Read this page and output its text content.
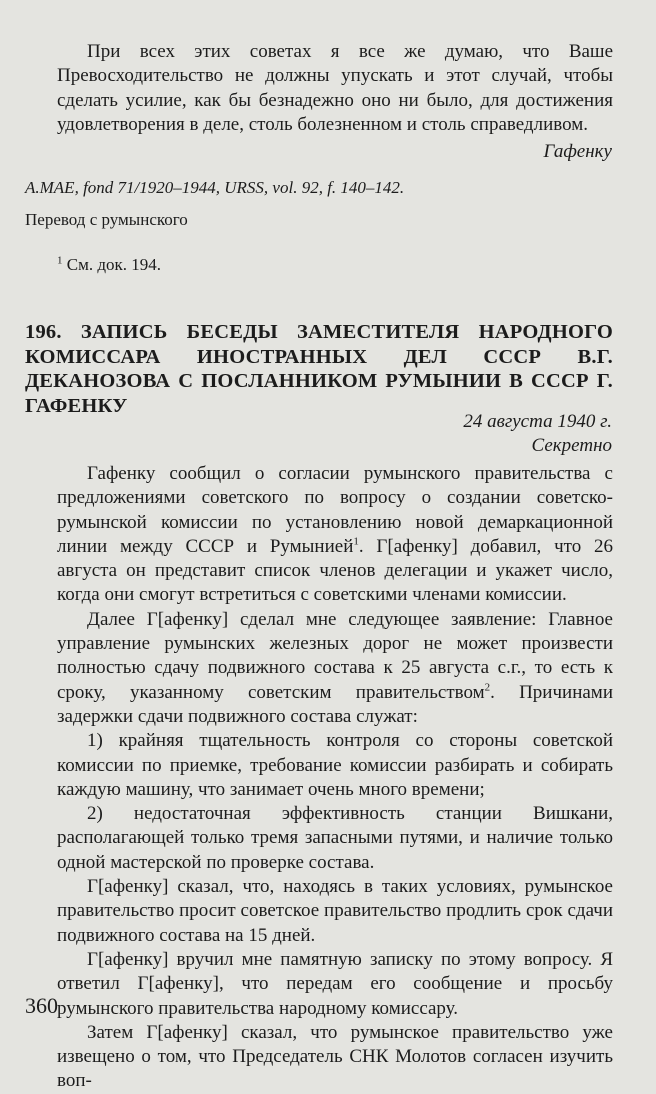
При всех этих советах я все же думаю, что Ваше Превосходительство не должны упускать и этот случай, чтобы сделать усилие, как бы безнадежно оно ни было, для достижения удовлетворения в деле, столь болезненном и столь справедливом.

Гафенку
A.MAE, fond 71/1920–1944, URSS, vol. 92, f. 140–142.
Перевод с румынского
$^1$ См. док. 194.
196. ЗАПИСЬ БЕСЕДЫ ЗАМЕСТИТЕЛЯ НАРОДНОГО КОМИССАРА ИНОСТРАННЫХ ДЕЛ СССР В.Г. ДЕКАНОЗОВА С ПОСЛАННИКОМ РУМЫНИИ В СССР Г. ГАФЕНКУ
24 августа 1940 г.
Секретно

Гафенку сообщил о согласии румынского правительства с предложениями советского по вопросу о создании советско-румынской комиссии по установлению новой демаркационной линии между СССР и Румынией$^1$. Г[афенку] добавил, что 26 августа он представит список членов делегации и укажет число, когда они смогут встретиться с советскими членами комиссии.

Далее Г[афенку] сделал мне следующее заявление: Главное управление румынских железных дорог не может произвести полностью сдачу подвижного состава к 25 августа с.г., то есть к сроку, указанному советским правительством$^2$. Причинами задержки сдачи подвижного состава служат:

1) крайняя тщательность контроля со стороны советской комиссии по приемке, требование комиссии разбирать и собирать каждую машину, что занимает очень много времени;

2) недостаточная эффективность станции Вишкани, располагающей только тремя запасными путями, и наличие только одной мастерской по проверке состава.

Г[афенку] сказал, что, находясь в таких условиях, румынское правительство просит советское правительство продлить срок сдачи подвижного состава на 15 дней.

Г[афенку] вручил мне памятную записку по этому вопросу. Я ответил Г[афенку], что передам его сообщение и просьбу румынского правительства народному комиссару.

Затем Г[афенку] сказал, что румынское правительство уже извещено о том, что Председатель СНК Молотов согласен изучить воп-

360
